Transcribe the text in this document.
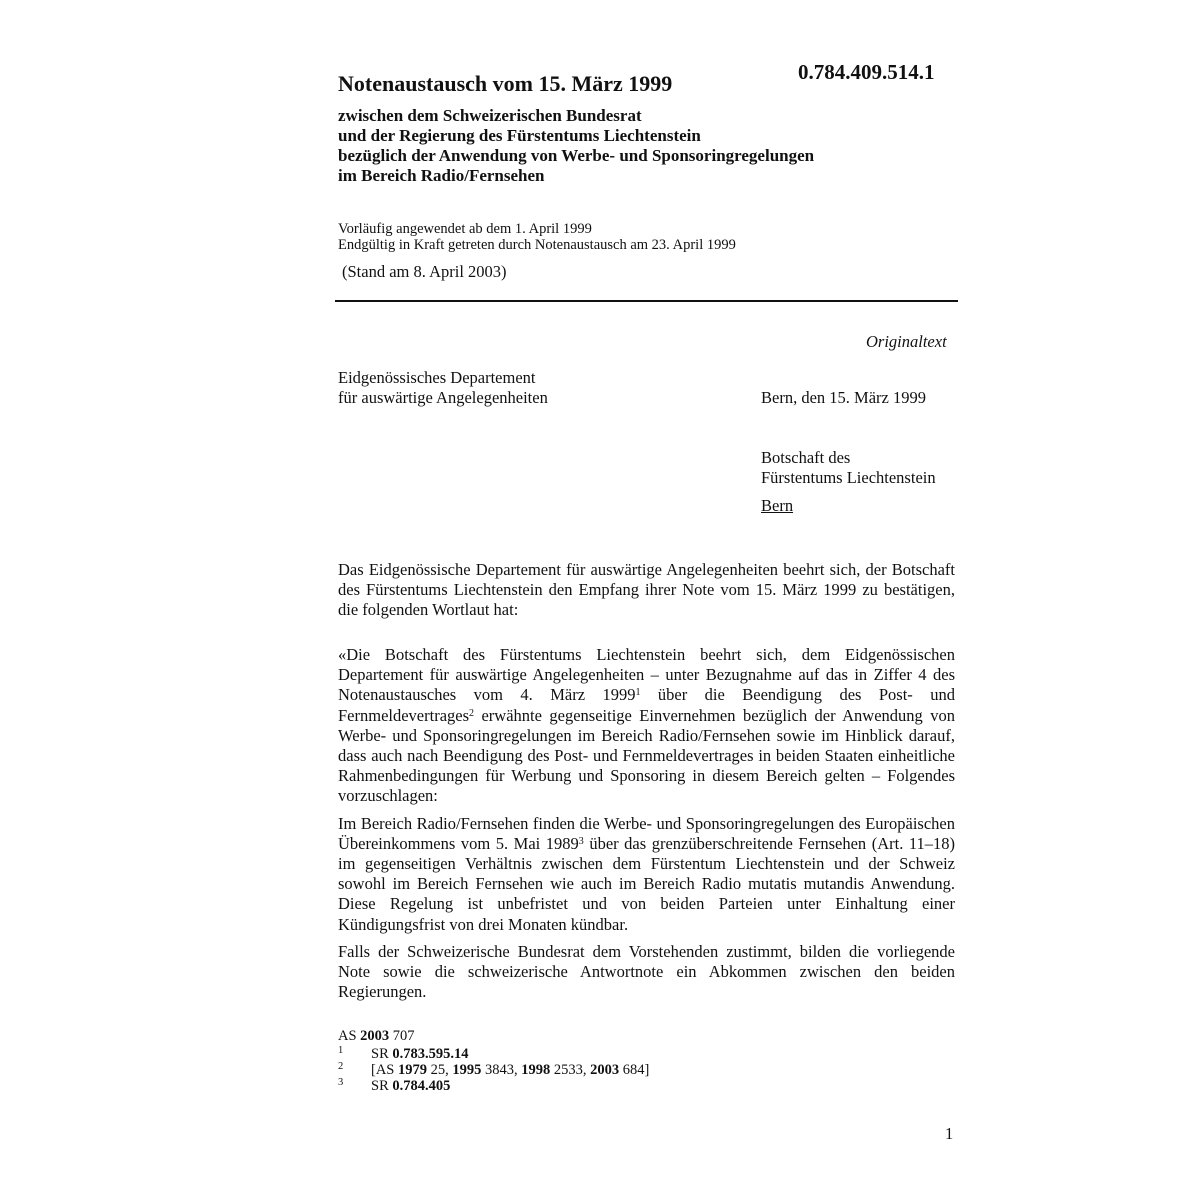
0.784.409.514.1
Notenaustausch vom 15. März 1999
zwischen dem Schweizerischen Bundesrat
und der Regierung des Fürstentums Liechtenstein
bezüglich der Anwendung von Werbe- und Sponsoringregelungen
im Bereich Radio/Fernsehen
Vorläufig angewendet ab dem 1. April 1999
Endgültig in Kraft getreten durch Notenaustausch am 23. April 1999
(Stand am 8. April 2003)
Originaltext
Eidgenössisches Departement
für auswärtige Angelegenheiten	Bern, den 15. März 1999
Botschaft des
Fürstentums Liechtenstein
Bern

Das Eidgenössische Departement für auswärtige Angelegenheiten beehrt sich, der Botschaft des Fürstentums Liechtenstein den Empfang ihrer Note vom 15. März 1999 zu bestätigen, die folgenden Wortlaut hat:

«Die Botschaft des Fürstentums Liechtenstein beehrt sich, dem Eidgenössischen Departement für auswärtige Angelegenheiten – unter Bezugnahme auf das in Ziffer 4 des Notenaustausches vom 4. März 1999$^1$ über die Beendigung des Post- und Fernmeldevertrages$^2$ erwähnte gegenseitige Einvernehmen bezüglich der Anwendung von Werbe- und Sponsoringregelungen im Bereich Radio/Fernsehen sowie im Hinblick darauf, dass auch nach Beendigung des Post- und Fernmeldevertrages in beiden Staaten einheitliche Rahmenbedingungen für Werbung und Sponsoring in diesem Bereich gelten – Folgendes vorzuschlagen:

Im Bereich Radio/Fernsehen finden die Werbe- und Sponsoringregelungen des Europäischen Übereinkommens vom 5. Mai 1989$^3$ über das grenzüberschreitende Fernsehen (Art. 11–18) im gegenseitigen Verhältnis zwischen dem Fürstentum Liechtenstein und der Schweiz sowohl im Bereich Fernsehen wie auch im Bereich Radio mutatis mutandis Anwendung. Diese Regelung ist unbefristet und von beiden Parteien unter Einhaltung einer Kündigungsfrist von drei Monaten kündbar.

Falls der Schweizerische Bundesrat dem Vorstehenden zustimmt, bilden die vorliegende Note sowie die schweizerische Antwortnote ein Abkommen zwischen den beiden Regierungen.

AS 2003 707
1 SR 0.783.595.14
2 [AS 1979 25, 1995 3843, 1998 2533, 2003 684]
3 SR 0.784.405
1
